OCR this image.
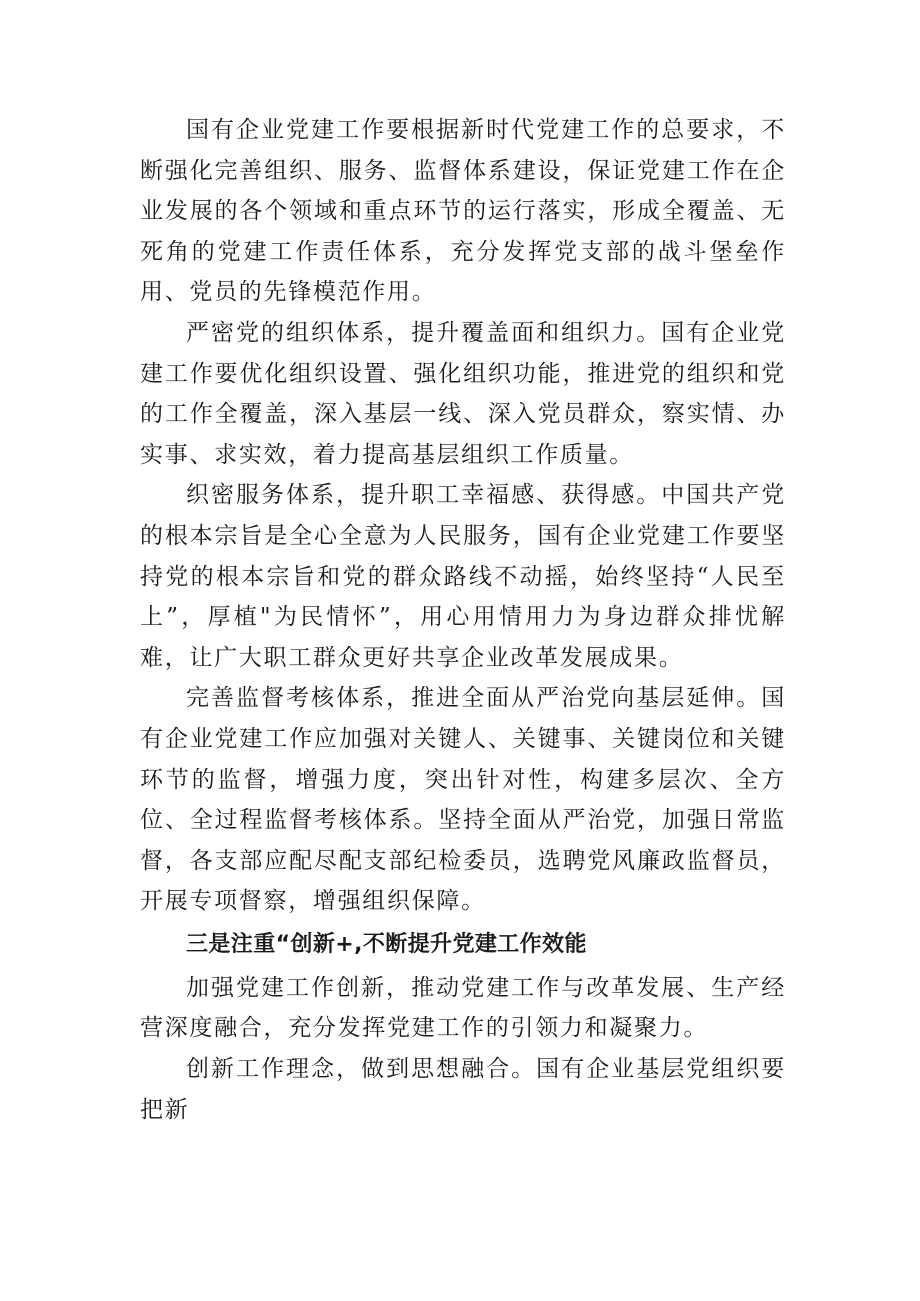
国有企业党建工作要根据新时代党建工作的总要求，不断强化完善组织、服务、监督体系建设，保证党建工作在企业发展的各个领域和重点环节的运行落实，形成全覆盖、无死角的党建工作责任体系，充分发挥党支部的战斗堡垒作用、党员的先锋模范作用。

严密党的组织体系，提升覆盖面和组织力。国有企业党建工作要优化组织设置、强化组织功能，推进党的组织和党的工作全覆盖，深入基层一线、深入党员群众，察实情、办实事、求实效，着力提高基层组织工作质量。

织密服务体系，提升职工幸福感、获得感。中国共产党的根本宗旨是全心全意为人民服务，国有企业党建工作要坚持党的根本宗旨和党的群众路线不动摇，始终坚持“人民至上”，厚植"为民情怀”，用心用情用力为身边群众排忧解难，让广大职工群众更好共享企业改革发展成果。

完善监督考核体系，推进全面从严治党向基层延伸。国有企业党建工作应加强对关键人、关键事、关键岗位和关键环节的监督，增强力度，突出针对性，构建多层次、全方位、全过程监督考核体系。坚持全面从严治党，加强日常监督，各支部应配尽配支部纪检委员，选聘党风廉政监督员，开展专项督察，增强组织保障。

三是注重“创新+,不断提升党建工作效能

加强党建工作创新，推动党建工作与改革发展、生产经营深度融合，充分发挥党建工作的引领力和凝聚力。

创新工作理念，做到思想融合。国有企业基层党组织要把新
